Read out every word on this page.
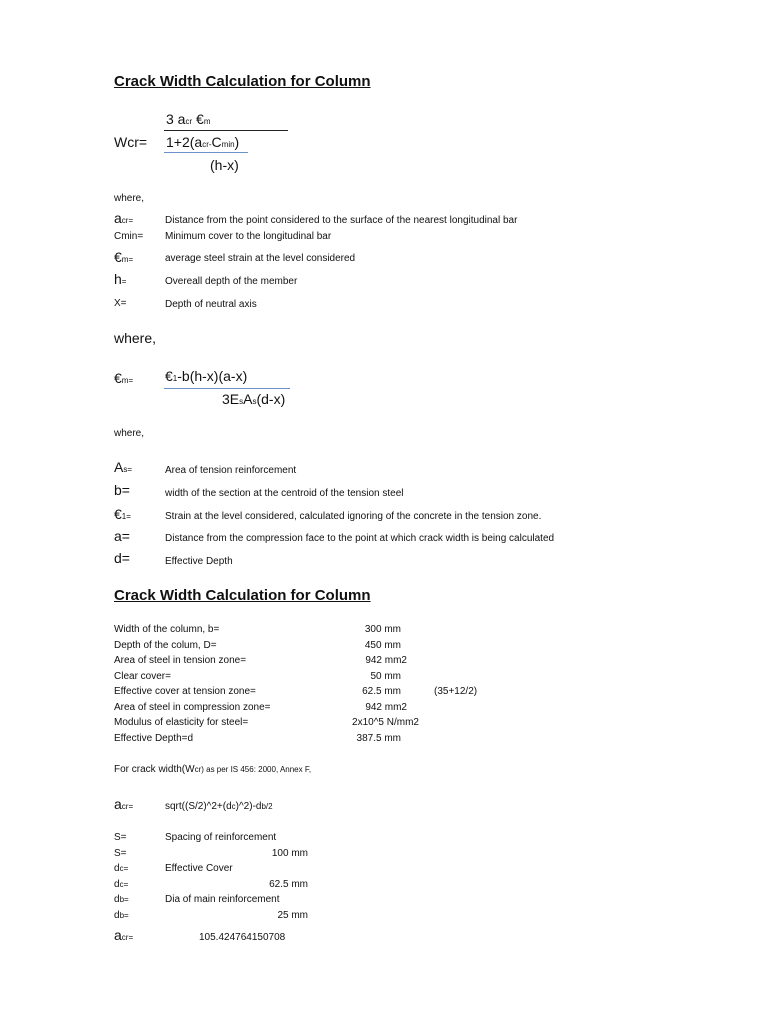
Crack Width Calculation for Column
3 acr €m
Wcr= 1+2(acr-Cmin)
(h-x)
where,
acr=	Distance from the point considered to the surface of the nearest longitudinal bar
Cmin= Minimum cover to the longitudinal bar
€m=	average steel strain at the level considered
h=	Overeall depth of the member
X=	Depth of neutral axis
where,
€m= €1-b(h-x)(a-x)
3EsAs(d-x)
where,
As=	Area of tension reinforcement
b=	width of the section at the centroid of the tension steel
€1=	Strain at the level considered, calculated ignoring of the concrete in the tension zone.
a=	Distance from the compression face to the point at which crack width is being calculated
d=	Effective Depth
Crack Width Calculation for Column
Width of the column, b=	300 mm
Depth of the colum, D=	450 mm
Area of steel in tension zone=	942 mm2
Clear cover=	50 mm
Effective cover at tension zone=	62.5 mm	(35+12/2)
Area of steel in compression zone=	942 mm2
Modulus of elasticity for steel=	2x10^5 N/mm2
Effective Depth=d	387.5 mm
For crack width(Wcr) as per IS 456: 2000, Annex F,
acr=	sqrt((S/2)^2+(dc)^2)-db/2
S=	Spacing of reinforcement
S=	100 mm
dc=	Effective Cover
dc=	62.5 mm
db=	Dia of main reinforcement
db=	25 mm
acr=	105.424764150708
